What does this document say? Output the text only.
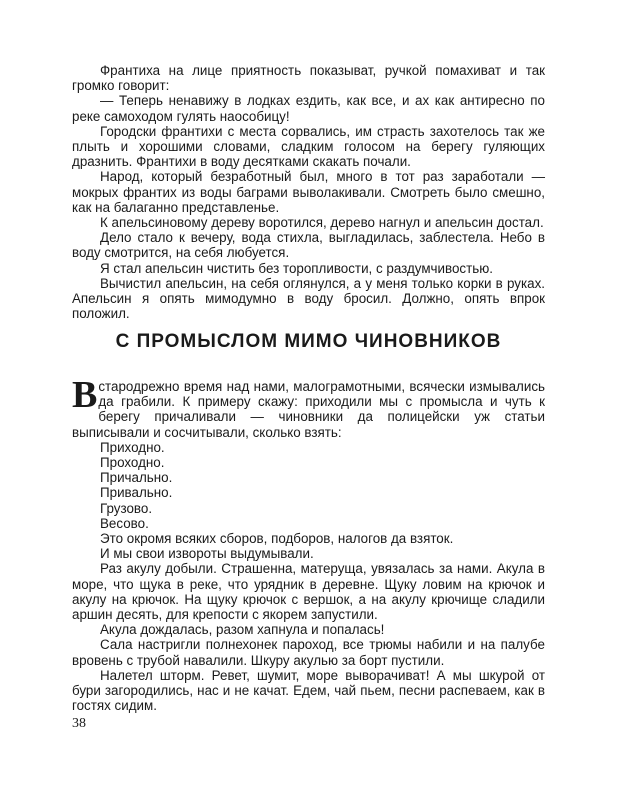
Франтиха на лице приятность показыват, ручкой помахиват и так громко говорит:

— Теперь ненавижу в лодках ездить, как все, и ах как антиресно по реке самоходом гулять наособицу!

Городски франтихи с места сорвались, им страсть захотелось так же плыть и хорошими словами, сладким голосом на берегу гуляющих дразнить. Франтихи в воду десятками скакать почали.

Народ, который безработный был, много в тот раз заработали — мокрых франтих из воды баграми выволакивали. Смотреть было смешно, как на балаганно представленье.

К апельсиновому дереву воротился, дерево нагнул и апельсин достал.

Дело стало к вечеру, вода стихла, выгладилась, заблестела. Небо в воду смотрится, на себя любуется.

Я стал апельсин чистить без торопливости, с раздумчивостью.

Вычистил апельсин, на себя оглянулся, а у меня только корки в руках. Апельсин я опять мимодумно в воду бросил. Должно, опять впрок положил.

С ПРОМЫСЛОМ МИМО ЧИНОВНИКОВ

Встародрежно время над нами, малограмотными, всячески измывались да грабили. К примеру скажу: приходили мы с промысла и чуть к берегу причаливали — чиновники да полицейски уж статьи выписывали и сосчитывали, сколько взять:

Приходно.

Проходно.

Причально.

Привально.

Грузово.

Весово.

Это окромя всяких сборов, подборов, налогов да взяток.

И мы свои извороты выдумывали.

Раз акулу добыли. Страшенна, матеруща, увязалась за нами. Акула в море, что щука в реке, что урядник в деревне. Щуку ловим на крючок и акулу на крючок. На щуку крючок с вершок, а на акулу крючище сладили аршин десять, для крепости с якорем запустили.

Акула дождалась, разом хапнула и попалась!

Сала настригли полнехонек пароход, все трюмы набили и на палубе вровень с трубой навалили. Шкуру акулью за борт пустили.

Налетел шторм. Ревет, шумит, море выворачиват! А мы шкурой от бури загородились, нас и не качат. Едем, чай пьем, песни распеваем, как в гостях сидим.

38
